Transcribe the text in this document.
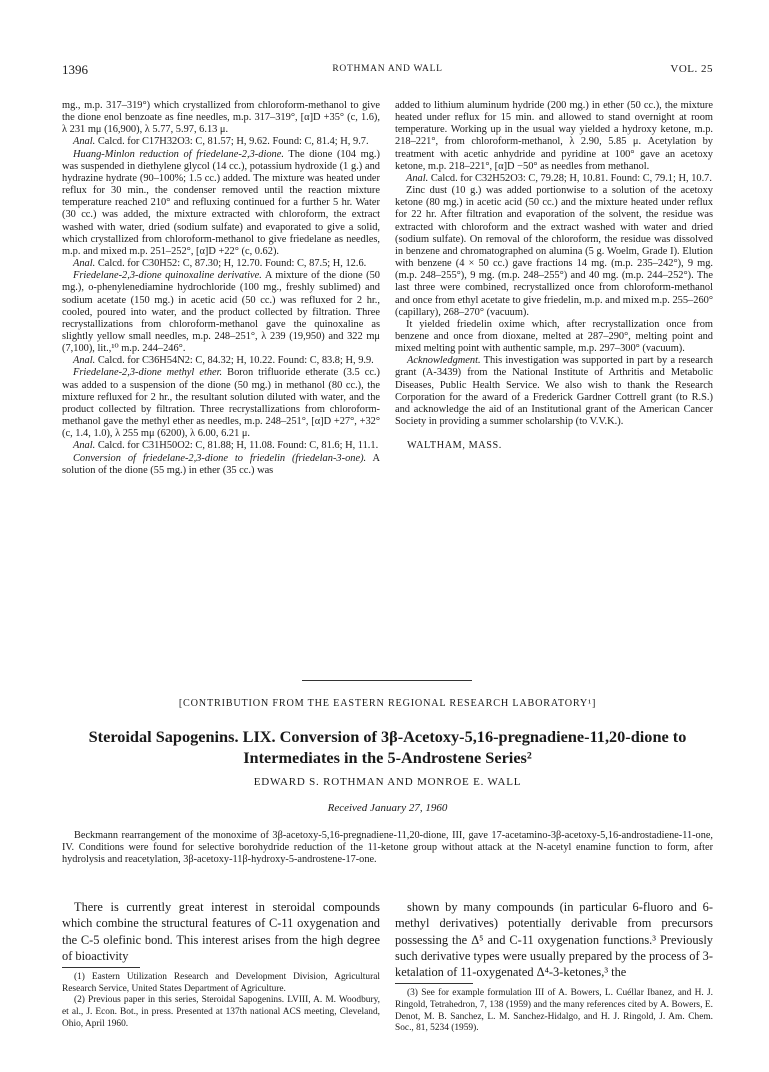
1396	ROTHMAN AND WALL	VOL. 25

mg., m.p. 317–319°) which crystallized from chloroform-methanol to give the dione enol benzoate as fine needles, m.p. 317–319°, [α]D +35° (c, 1.6), λ 231 mμ (16,900), λ 5.77, 5.97, 6.13 μ.

Anal. Calcd. for C17H32O3: C, 81.57; H, 9.62. Found: C, 81.4; H, 9.7.

Huang-Minlon reduction of friedelane-2,3-dione. The dione (104 mg.) was suspended in diethylene glycol (14 cc.), potassium hydroxide (1 g.) and hydrazine hydrate (90–100%; 1.5 cc.) added. The mixture was heated under reflux for 30 min., the condenser removed until the reaction mixture temperature reached 210° and refluxing continued for a further 5 hr. Water (30 cc.) was added, the mixture extracted with chloroform, the extract washed with water, dried (sodium sulfate) and evaporated to give a solid, which crystallized from chloroform-methanol to give friedelane as needles, m.p. and mixed m.p. 251–252°, [α]D +22° (c, 0.62).

Anal. Calcd. for C30H52: C, 87.30; H, 12.70. Found: C, 87.5; H, 12.6.

Friedelane-2,3-dione quinoxaline derivative. A mixture of the dione (50 mg.), o-phenylenediamine hydrochloride (100 mg., freshly sublimed) and sodium acetate (150 mg.) in acetic acid (50 cc.) was refluxed for 2 hr., cooled, poured into water, and the product collected by filtration. Three recrystallizations from chloroform-methanol gave the quinoxaline as slightly yellow small needles, m.p. 248–251°, λ 239 (19,950) and 322 mμ (7,100), lit.,¹⁰ m.p. 244–246°.

Anal. Calcd. for C36H54N2: C, 84.32; H, 10.22. Found: C, 83.8; H, 9.9.

Friedelane-2,3-dione methyl ether. Boron trifluoride etherate (3.5 cc.) was added to a suspension of the dione (50 mg.) in methanol (80 cc.), the mixture refluxed for 2 hr., the resultant solution diluted with water, and the product collected by filtration. Three recrystallizations from chloroform-methanol gave the methyl ether as needles, m.p. 248–251°, [α]D +27°, +32° (c, 1.4, 1.0), λ 255 mμ (6200), λ 6.00, 6.21 μ.

Anal. Calcd. for C31H50O2: C, 81.88; H, 11.08. Found: C, 81.6; H, 11.1.

Conversion of friedelane-2,3-dione to friedelin (friedelan-3-one). A solution of the dione (55 mg.) in ether (35 cc.) was

added to lithium aluminum hydride (200 mg.) in ether (50 cc.), the mixture heated under reflux for 15 min. and allowed to stand overnight at room temperature. Working up in the usual way yielded a hydroxy ketone, m.p. 218–221°, from chloroform-methanol, λ 2.90, 5.85 μ. Acetylation by treatment with acetic anhydride and pyridine at 100° gave an acetoxy ketone, m.p. 218–221°, [α]D −50° as needles from methanol.

Anal. Calcd. for C32H52O3: C, 79.28; H, 10.81. Found: C, 79.1; H, 10.7.

Zinc dust (10 g.) was added portionwise to a solution of the acetoxy ketone (80 mg.) in acetic acid (50 cc.) and the mixture heated under reflux for 22 hr. After filtration and evaporation of the solvent, the residue was extracted with chloroform and the extract washed with water and dried (sodium sulfate). On removal of the chloroform, the residue was dissolved in benzene and chromatographed on alumina (5 g. Woelm, Grade I). Elution with benzene (4 × 50 cc.) gave fractions 14 mg. (m.p. 235–242°), 9 mg. (m.p. 248–255°), 9 mg. (m.p. 248–255°) and 40 mg. (m.p. 244–252°). The last three were combined, recrystallized once from chloroform-methanol and once from ethyl acetate to give friedelin, m.p. and mixed m.p. 255–260° (capillary), 268–270° (vacuum).

It yielded friedelin oxime which, after recrystallization once from benzene and once from dioxane, melted at 287–290°, melting point and mixed melting point with authentic sample, m.p. 297–300° (vacuum).

Acknowledgment. This investigation was supported in part by a research grant (A-3439) from the National Institute of Arthritis and Metabolic Diseases, Public Health Service. We also wish to thank the Research Corporation for the award of a Frederick Gardner Cottrell grant (to R.S.) and acknowledge the aid of an Institutional grant of the American Cancer Society in providing a summer scholarship (to V.V.K.).

WALTHAM, MASS.
[CONTRIBUTION FROM THE EASTERN REGIONAL RESEARCH LABORATORY¹]
Steroidal Sapogenins. LIX. Conversion of 3β-Acetoxy-5,16-pregnadiene-11,20-dione to Intermediates in the 5-Androstene Series²
EDWARD S. ROTHMAN AND MONROE E. WALL
Received January 27, 1960

Beckmann rearrangement of the monoxime of 3β-acetoxy-5,16-pregnadiene-11,20-dione, III, gave 17-acetamino-3β-acetoxy-5,16-androstadiene-11-one, IV. Conditions were found for selective borohydride reduction of the 11-ketone group without attack at the N-acetyl enamine function to form, after hydrolysis and reacetylation, 3β-acetoxy-11β-hydroxy-5-androstene-17-one.

There is currently great interest in steroidal compounds which combine the structural features of C-11 oxygenation and the C-5 olefinic bond. This interest arises from the high degree of bioactivity

(1) Eastern Utilization Research and Development Division, Agricultural Research Service, United States Department of Agriculture.

(2) Previous paper in this series, Steroidal Sapogenins. LVIII, A. M. Woodbury, et al., J. Econ. Bot., in press. Presented at 137th national ACS meeting, Cleveland, Ohio, April 1960.

shown by many compounds (in particular 6-fluoro and 6-methyl derivatives) potentially derivable from precursors possessing the Δ⁵ and C-11 oxygenation functions.³ Previously such derivative types were usually prepared by the process of 3-ketalation of 11-oxygenated Δ⁴-3-ketones,³ the

(3) See for example formulation III of A. Bowers, L. Cuéllar Ibanez, and H. J. Ringold, Tetrahedron, 7, 138 (1959) and the many references cited by A. Bowers, E. Denot, M. B. Sanchez, L. M. Sanchez-Hidalgo, and H. J. Ringold, J. Am. Chem. Soc., 81, 5234 (1959).
